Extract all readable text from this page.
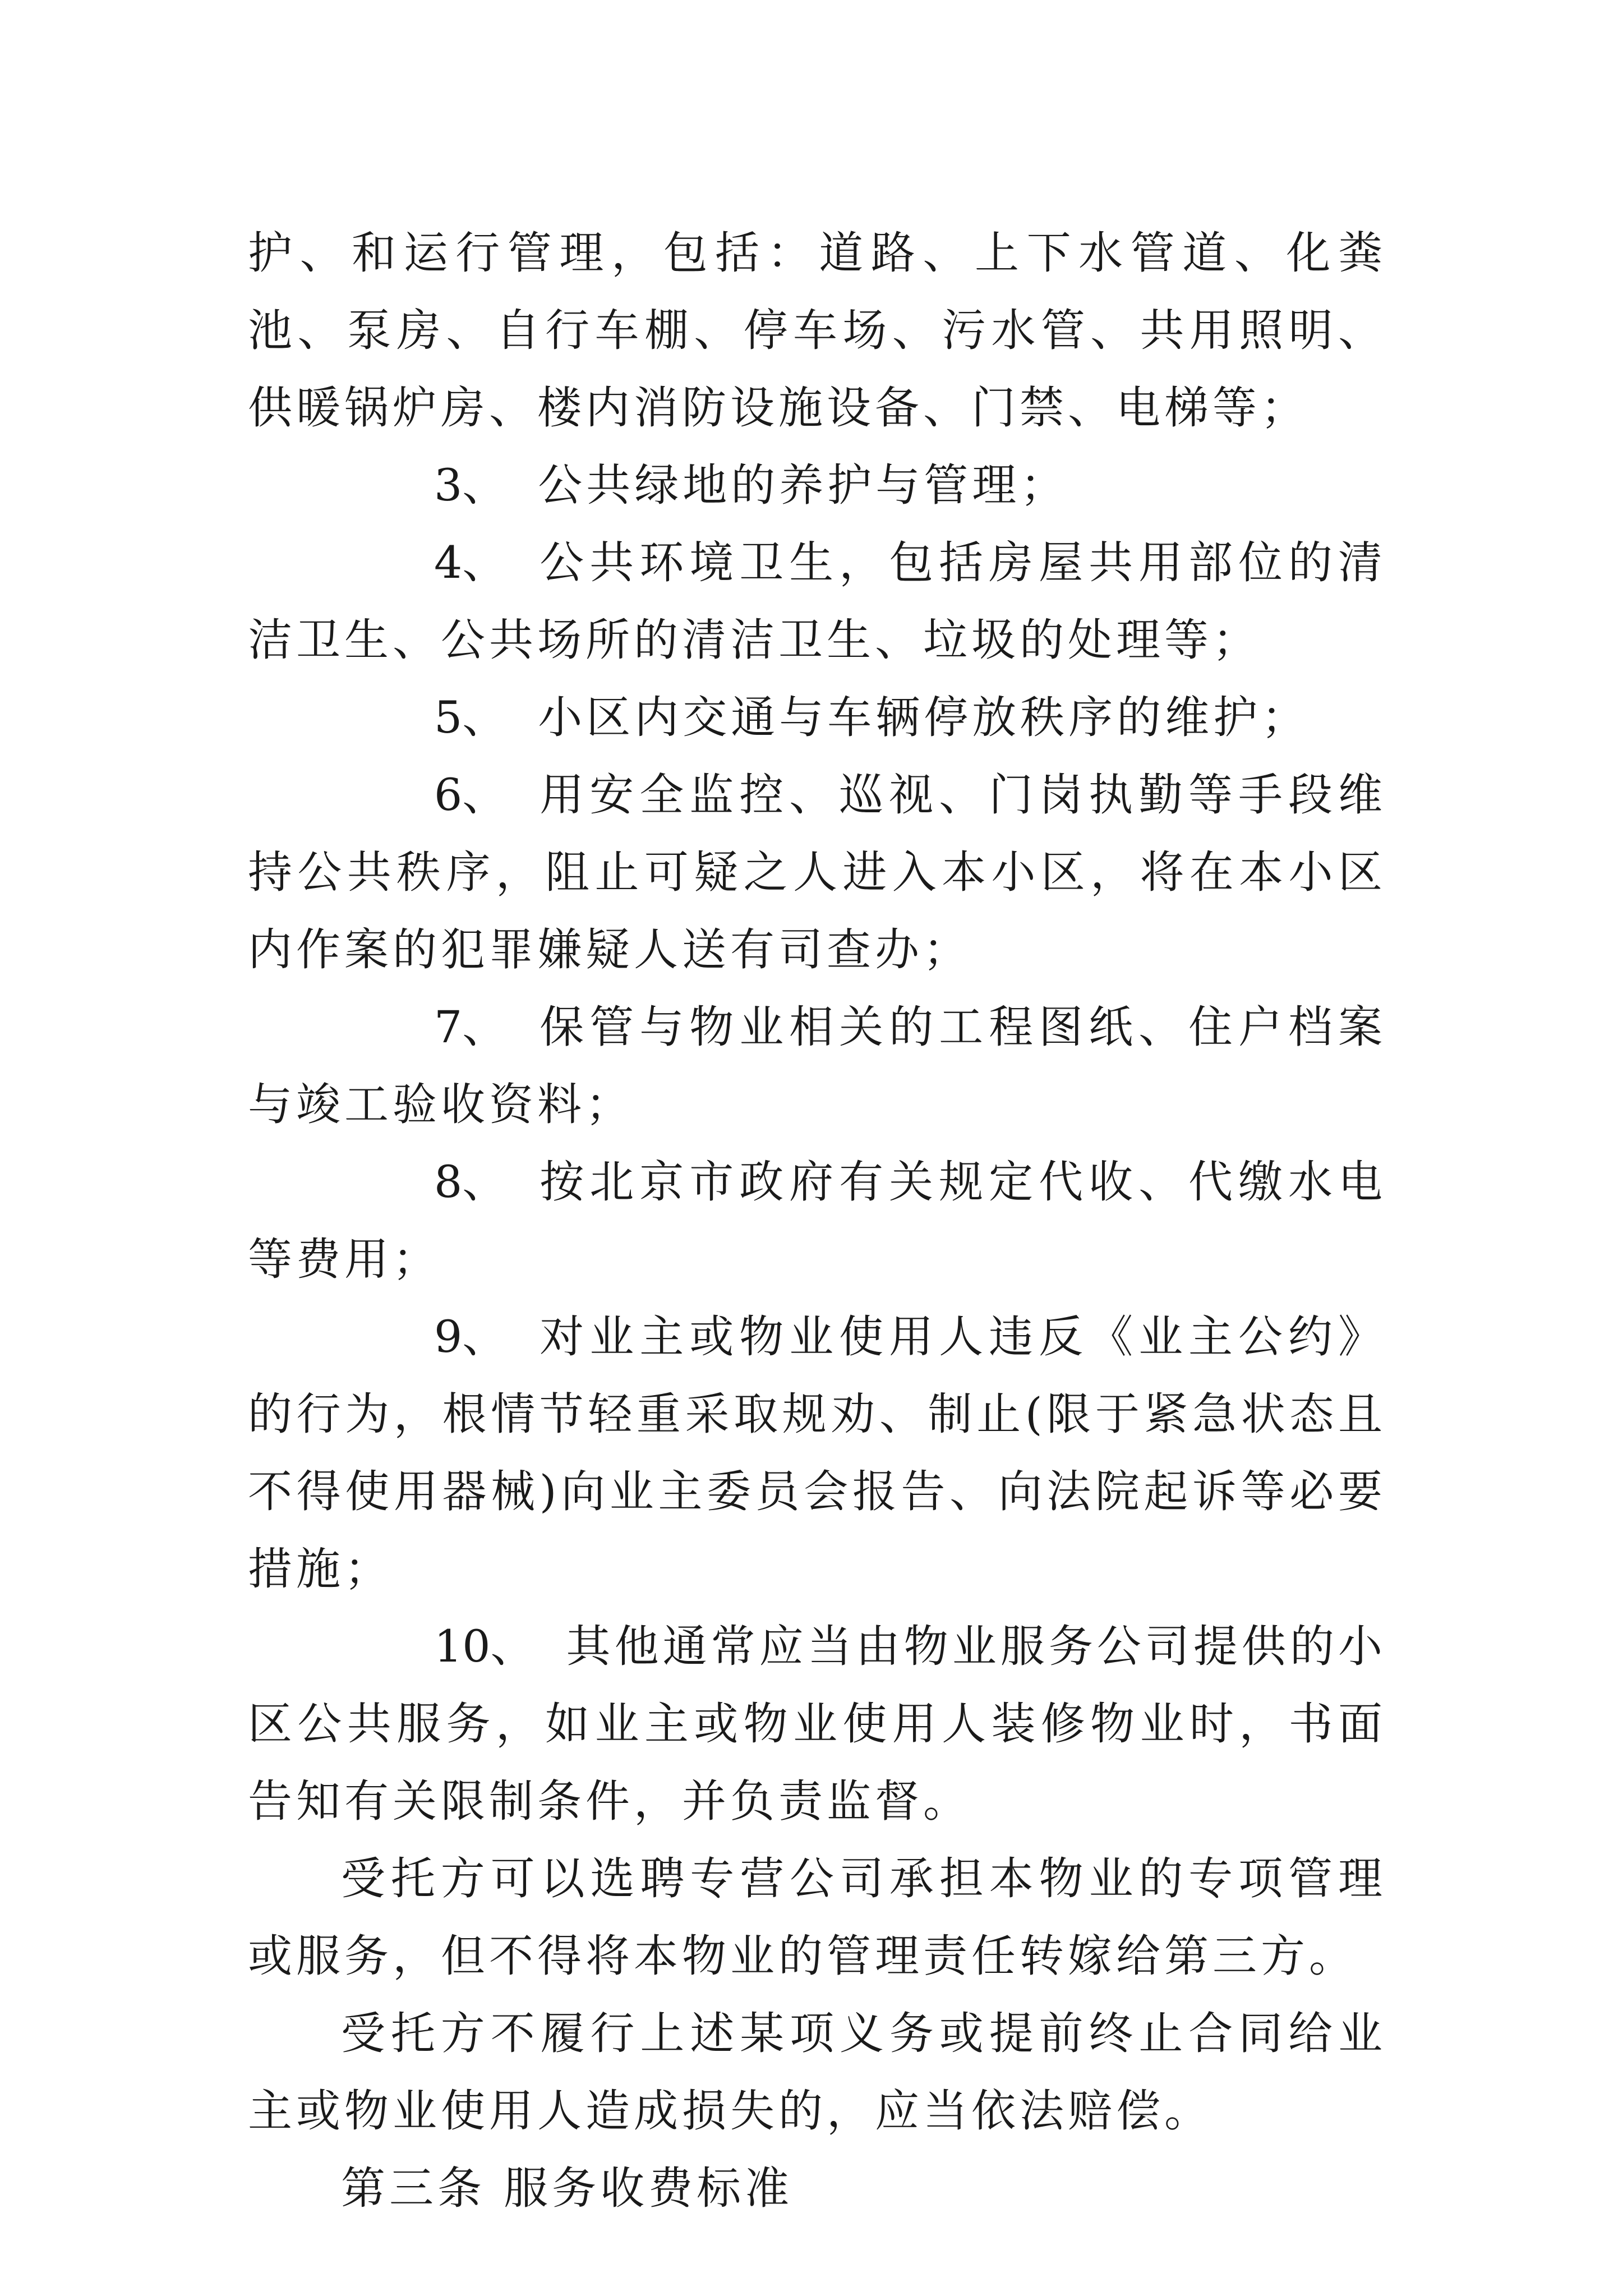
护、和运行管理，包括：道路、上下水管道、化粪池、泵房、自行车棚、停车场、污水管、共用照明、供暖锅炉房、楼内消防设施设备、门禁、电梯等；

3、 公共绿地的养护与管理；

4、 公共环境卫生，包括房屋共用部位的清洁卫生、公共场所的清洁卫生、垃圾的处理等；

5、 小区内交通与车辆停放秩序的维护；

6、 用安全监控、巡视、门岗执勤等手段维持公共秩序，阻止可疑之人进入本小区，将在本小区内作案的犯罪嫌疑人送有司查办；

7、 保管与物业相关的工程图纸、住户档案与竣工验收资料；

8、 按北京市政府有关规定代收、代缴水电等费用；

9、 对业主或物业使用人违反《业主公约》的行为，根情节轻重采取规劝、制止(限于紧急状态且不得使用器械)向业主委员会报告、向法院起诉等必要措施；

10、 其他通常应当由物业服务公司提供的小区公共服务，如业主或物业使用人装修物业时，书面告知有关限制条件，并负责监督。

受托方可以选聘专营公司承担本物业的专项管理或服务，但不得将本物业的管理责任转嫁给第三方。

受托方不履行上述某项义务或提前终止合同给业主或物业使用人造成损失的，应当依法赔偿。

第三条 服务收费标准
